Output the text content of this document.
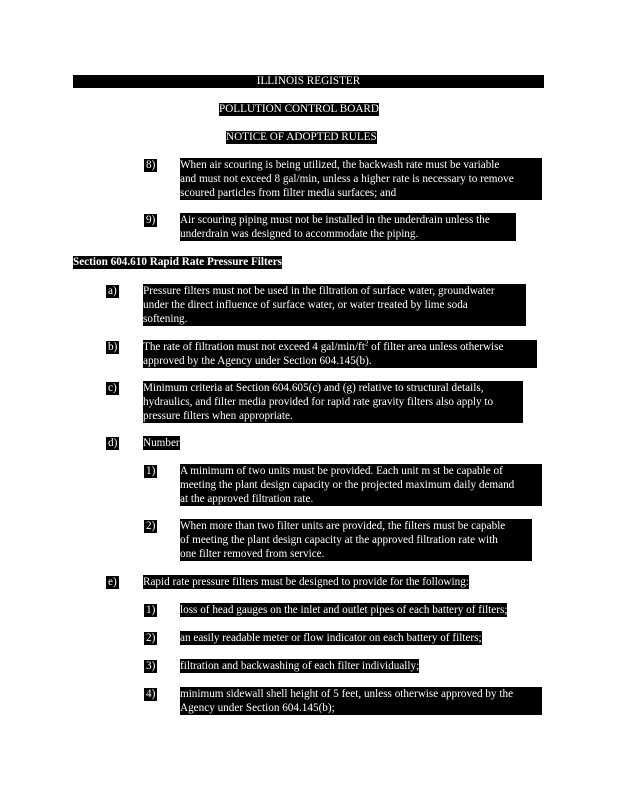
ILLINOIS REGISTER
POLLUTION CONTROL BOARD
NOTICE OF ADOPTED RULES
8) When air scouring is being utilized, the backwash rate must be variable
and must not exceed 8 gal/min, unless a higher rate is necessary to remove
scoured particles from filter media surfaces; and
9) Air scouring piping must not be installed in the underdrain unless the
underdrain was designed to accommodate the piping.
Section 604.610 Rapid Rate Pressure Filters
a) Pressure filters must not be used in the filtration of surface water, groundwater
under the direct influence of surface water, or water treated by lime soda
softening.
b) The rate of filtration must not exceed 4 gal/$\min/ft^2$ of filter area unless otherwise
approved by the Agency under Section 604.145(b).
c) Minimum criteria at Section 604.605(c) and (g) relative to structural details,
hydraulics, and filter media provided for rapid rate gravity filters also apply to
pressure filters when appropriate.
d) Number
1) A minimum of two units must be provided. Each unit m st be capable of
meeting the plant design capacity or the projected maximum daily demand
at the approved filtration rate.
2) When more than two filter units are provided, the filters must be capable
of meeting the plant design capacity at the approved filtration rate with
one filter removed from service.
e) Rapid rate pressure filters must be designed to provide for the following:
1) loss of head gauges on the inlet and outlet pipes of each battery of filters;
2) an easily readable meter or flow indicator on each battery of filters;
3) filtration and backwashing of each filter individually;
4) minimum sidewall shell height of 5 feet, unless otherwise approved by the
Agency under Section 604.145(b);
